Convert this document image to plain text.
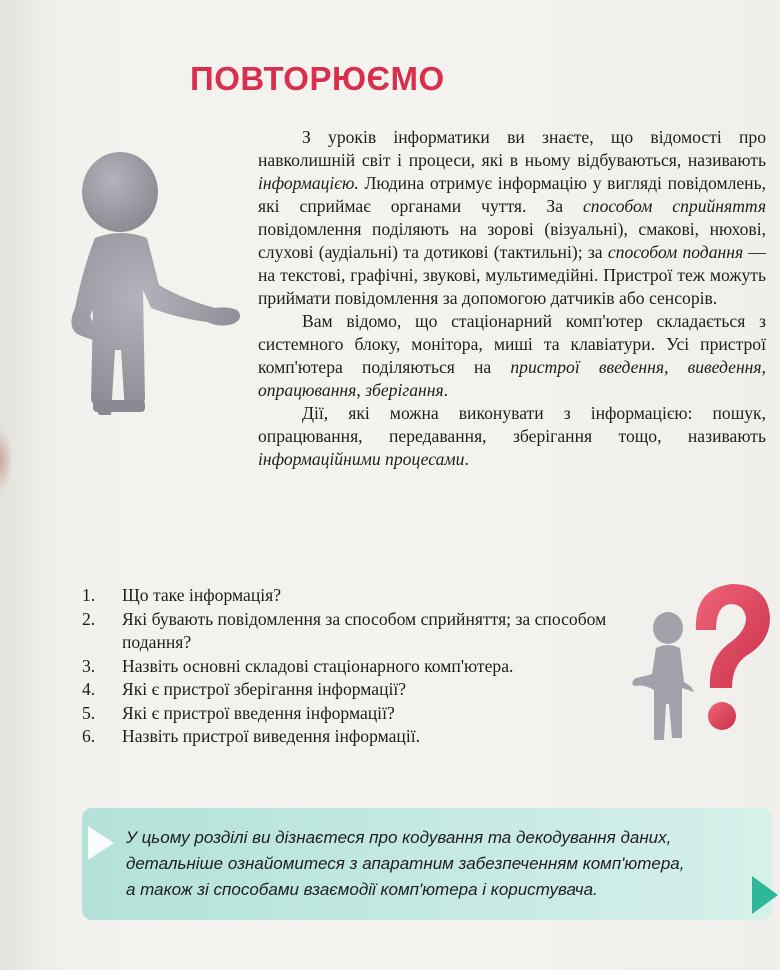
ПОВТОРЮЄМО

З уроків інформатики ви знаєте, що відомості про навколишній світ і процеси, які в ньому відбуваються, називають інформацією. Людина отримує інформацію у вигляді повідомлень, які сприймає органами чуття. За способом сприйняття повідомлення поділяють на зорові (візуальні), смакові, нюхові, слухові (аудіальні) та дотикові (тактильні); за способом подання — на текстові, графічні, звукові, мультимедійні. Пристрої теж можуть приймати повідомлення за допомогою датчиків або сенсорів.

Вам відомо, що стаціонарний комп'ютер складається з системного блоку, монітора, миші та клавіатури. Усі пристрої комп'ютера поділяються на пристрої введення, виведення, опрацювання, зберігання.

Дії, які можна виконувати з інформацією: пошук, опрацювання, передавання, зберігання тощо, називають інформаційними процесами.

1.	Що таке інформація?
2.	Які бувають повідомлення за способом сприйняття; за способом подання?
3.	Назвіть основні складові стаціонарного комп'ютера.
4.	Які є пристрої зберігання інформації?
5.	Які є пристрої введення інформації?
6.	Назвіть пристрої виведення інформації.
У цьому розділі ви дізнаєтеся про кодування та декодування даних,
детальніше ознайомитеся з апаратним забезпеченням комп'ютера,
а також зі способами взаємодії комп'ютера і користувача.
